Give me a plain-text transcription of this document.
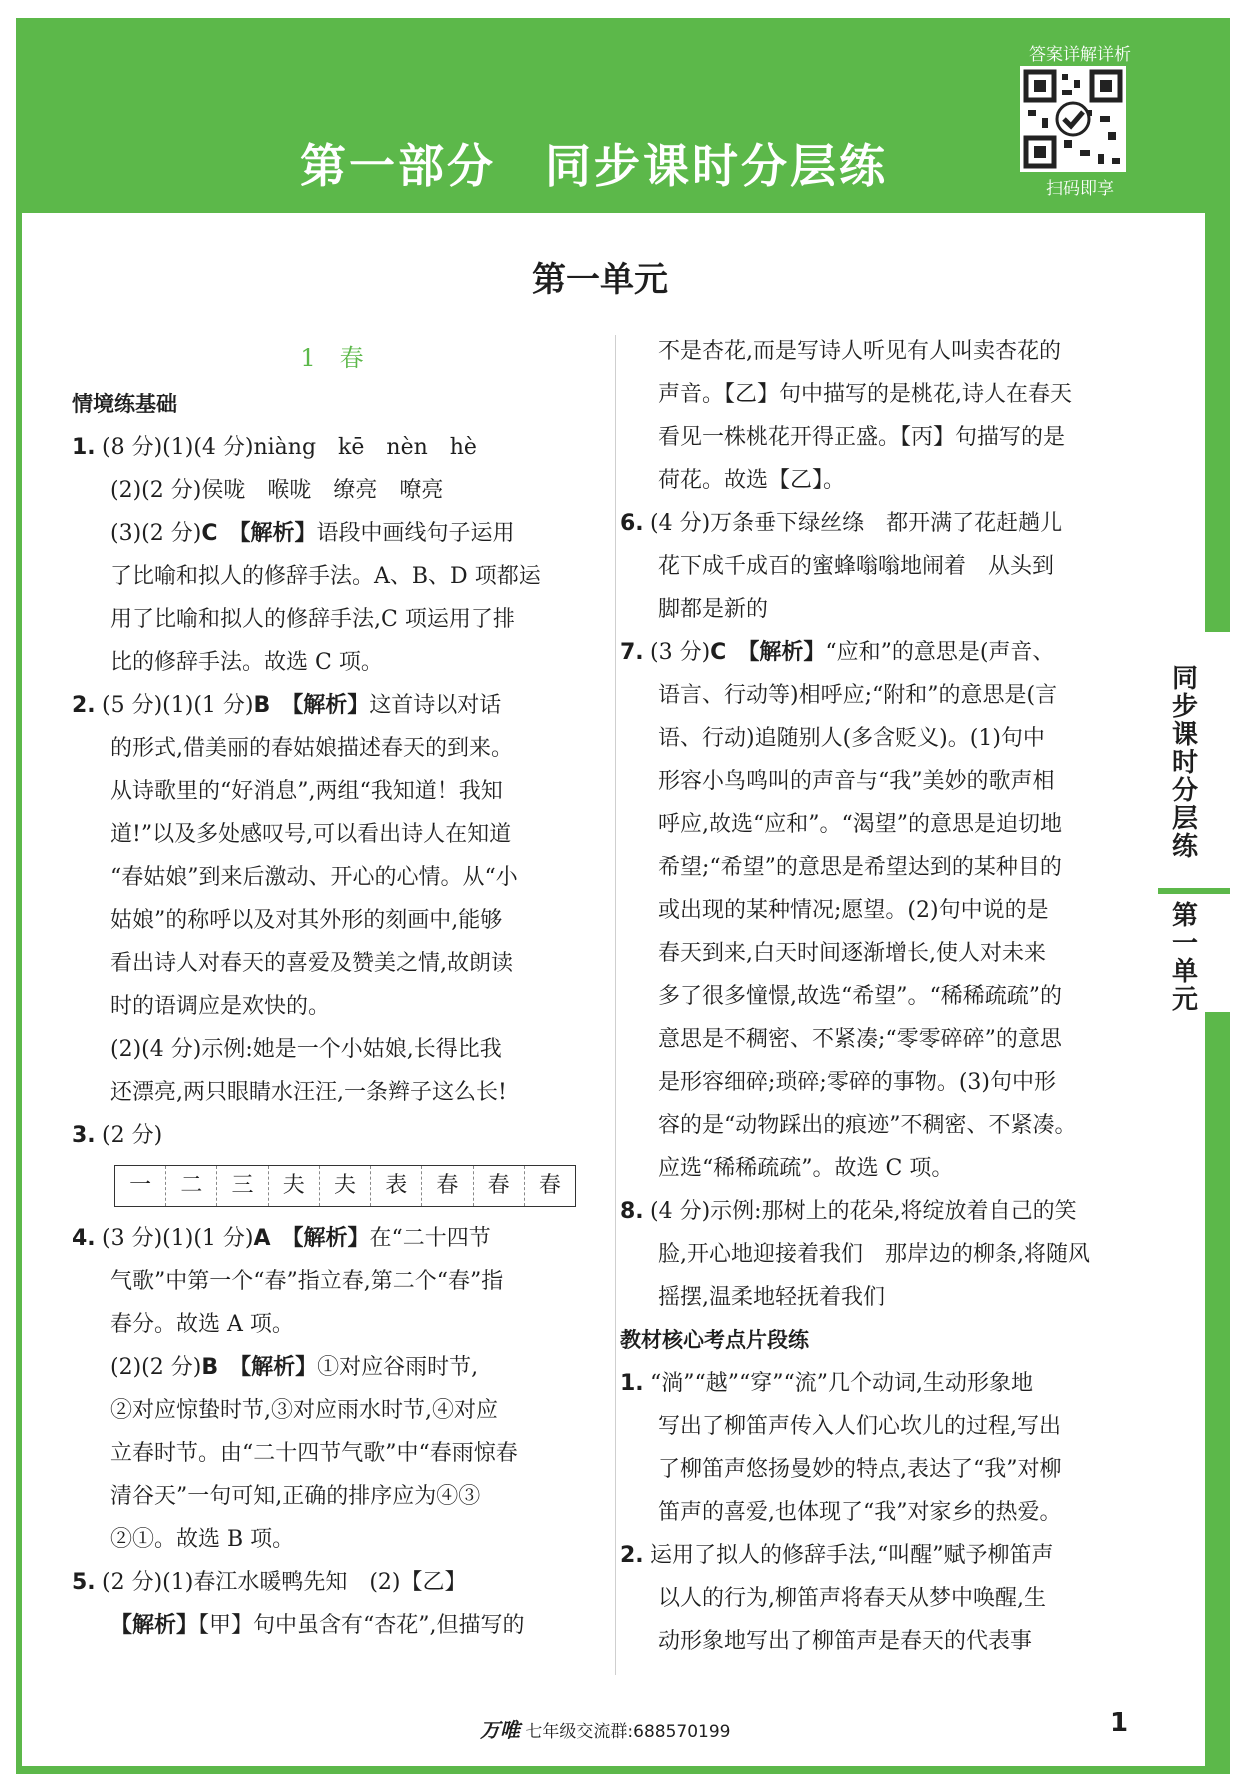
第一部分　同步课时分层练
答案详解详析
扫码即享
同步课时分层练
第一单元
第一单元
1　春
情境练基础
1. (8 分)(1)(4 分)niàng　kē　nèn　hè
(2)(2 分)侯咙　喉咙　缭亮　嘹亮
(3)(2 分)C　 【解析】语段中画线句子运用
了比喻和拟人的修辞手法。A、B、D 项都运
用了比喻和拟人的修辞手法,C 项运用了排
比的修辞手法。故选 C 项。
2. (5 分)(1)(1 分)B　 【解析】这首诗以对话
的形式,借美丽的春姑娘描述春天的到来。
从诗歌里的“好消息”,两组“我知道！我知
道!”以及多处感叹号,可以看出诗人在知道
“春姑娘”到来后激动、开心的心情。从“小
姑娘”的称呼以及对其外形的刻画中,能够
看出诗人对春天的喜爱及赞美之情,故朗读
时的语调应是欢快的。
(2)(4 分)示例:她是一个小姑娘,长得比我
还漂亮,两只眼睛水汪汪,一条辫子这么长!
3. (2 分)
一	二	三	夫	夫	表	春	春	春
4. (3 分)(1)(1 分)A　 【解析】在“二十四节
气歌”中第一个“春”指立春,第二个“春”指
春分。故选 A 项。
(2)(2 分)B　 【解析】①对应谷雨时节,
②对应惊蛰时节,③对应雨水时节,④对应
立春时节。由“二十四节气歌”中“春雨惊春
清谷天”一句可知,正确的排序应为④③
②①。故选 B 项。
5. (2 分)(1)春江水暖鸭先知　(2)【乙】
【解析】【甲】句中虽含有“杏花”,但描写的
不是杏花,而是写诗人听见有人叫卖杏花的
声音。【乙】句中描写的是桃花,诗人在春天
看见一株桃花开得正盛。【丙】句描写的是
荷花。故选【乙】。
6. (4 分)万条垂下绿丝绦　都开满了花赶趟儿
花下成千成百的蜜蜂嗡嗡地闹着　从头到
脚都是新的
7. (3 分)C　 【解析】“应和”的意思是(声音、
语言、行动等)相呼应;“附和”的意思是(言
语、行动)追随别人(多含贬义)。(1)句中
形容小鸟鸣叫的声音与“我”美妙的歌声相
呼应,故选“应和”。“渴望”的意思是迫切地
希望;“希望”的意思是希望达到的某种目的
或出现的某种情况;愿望。(2)句中说的是
春天到来,白天时间逐渐增长,使人对未来
多了很多憧憬,故选“希望”。“稀稀疏疏”的
意思是不稠密、不紧凑;“零零碎碎”的意思
是形容细碎;琐碎;零碎的事物。(3)句中形
容的是“动物踩出的痕迹”不稠密、不紧凑。
应选“稀稀疏疏”。故选 C 项。
8. (4 分)示例:那树上的花朵,将绽放着自己的笑
脸,开心地迎接着我们　那岸边的柳条,将随风
摇摆,温柔地轻抚着我们
教材核心考点片段练
1. “淌”“越”“穿”“流”几个动词,生动形象地
写出了柳笛声传入人们心坎儿的过程,写出
了柳笛声悠扬曼妙的特点,表达了“我”对柳
笛声的喜爱,也体现了“我”对家乡的热爱。
2. 运用了拟人的修辞手法,“叫醒”赋予柳笛声
以人的行为,柳笛声将春天从梦中唤醒,生
动形象地写出了柳笛声是春天的代表事
万唯 七年级交流群:688570199	1
